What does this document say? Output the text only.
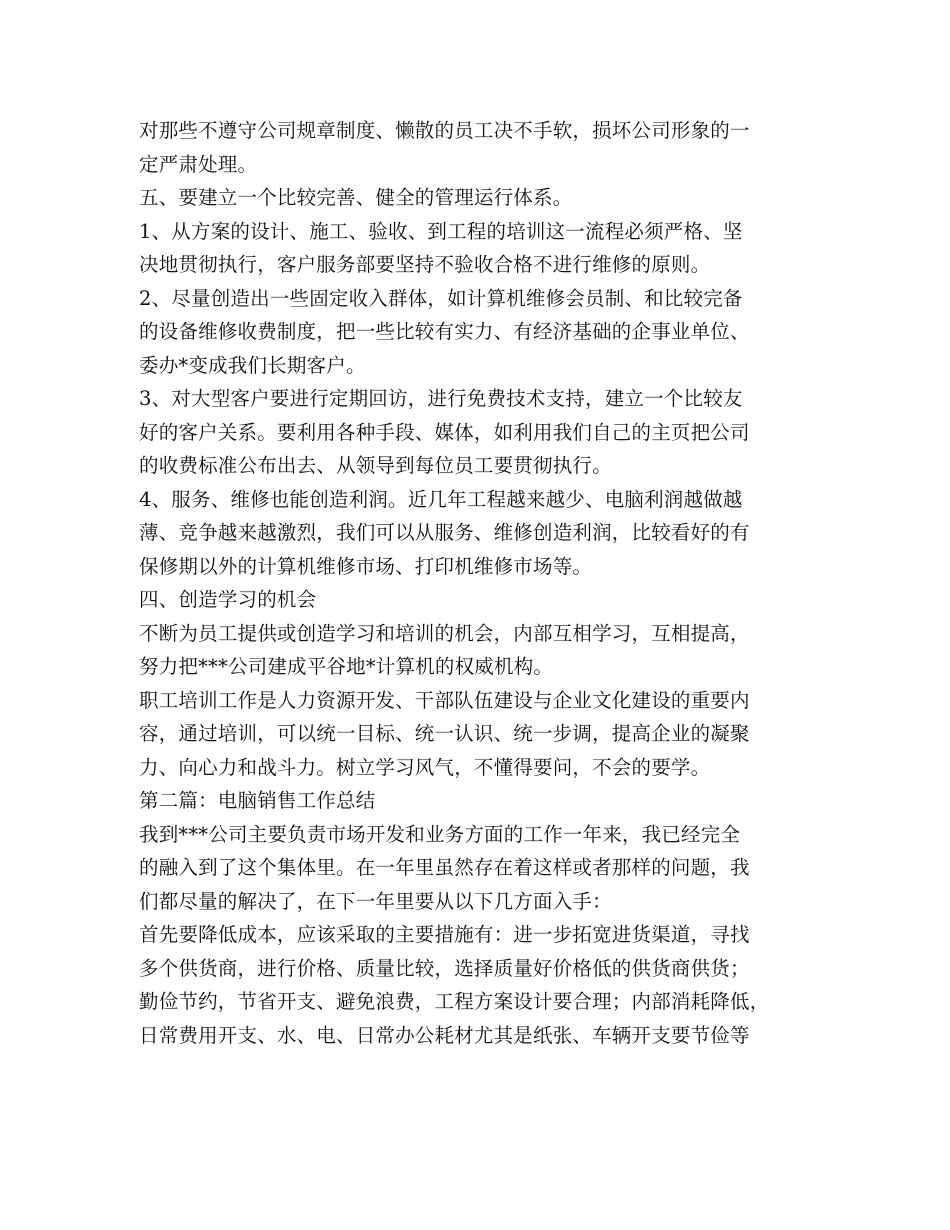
对那些不遵守公司规章制度、懒散的员工决不手软，损坏公司形象的一
定严肃处理。
五、要建立一个比较完善、健全的管理运行体系。
1、从方案的设计、施工、验收、到工程的培训这一流程必须严格、坚
决地贯彻执行，客户服务部要坚持不验收合格不进行维修的原则。
2、尽量创造出一些固定收入群体，如计算机维修会员制、和比较完备
的设备维修收费制度，把一些比较有实力、有经济基础的企事业单位、
委办*变成我们长期客户。
3、对大型客户要进行定期回访，进行免费技术支持，建立一个比较友
好的客户关系。要利用各种手段、媒体，如利用我们自己的主页把公司
的收费标准公布出去、从领导到每位员工要贯彻执行。
4、服务、维修也能创造利润。近几年工程越来越少、电脑利润越做越
薄、竞争越来越激烈，我们可以从服务、维修创造利润，比较看好的有
保修期以外的计算机维修市场、打印机维修市场等。
四、创造学习的机会
不断为员工提供或创造学习和培训的机会，内部互相学习，互相提高，
努力把***公司建成平谷地*计算机的权威机构。
职工培训工作是人力资源开发、干部队伍建设与企业文化建设的重要内
容，通过培训，可以统一目标、统一认识、统一步调，提高企业的凝聚
力、向心力和战斗力。树立学习风气，不懂得要问，不会的要学。
第二篇：电脑销售工作总结
我到***公司主要负责市场开发和业务方面的工作一年来，我已经完全
的融入到了这个集体里。在一年里虽然存在着这样或者那样的问题，我
们都尽量的解决了，在下一年里要从以下几方面入手：
首先要降低成本，应该采取的主要措施有：进一步拓宽进货渠道，寻找
多个供货商，进行价格、质量比较，选择质量好价格低的供货商供货；
勤俭节约，节省开支、避免浪费，工程方案设计要合理；内部消耗降低，
日常费用开支、水、电、日常办公耗材尤其是纸张、车辆开支要节俭等
